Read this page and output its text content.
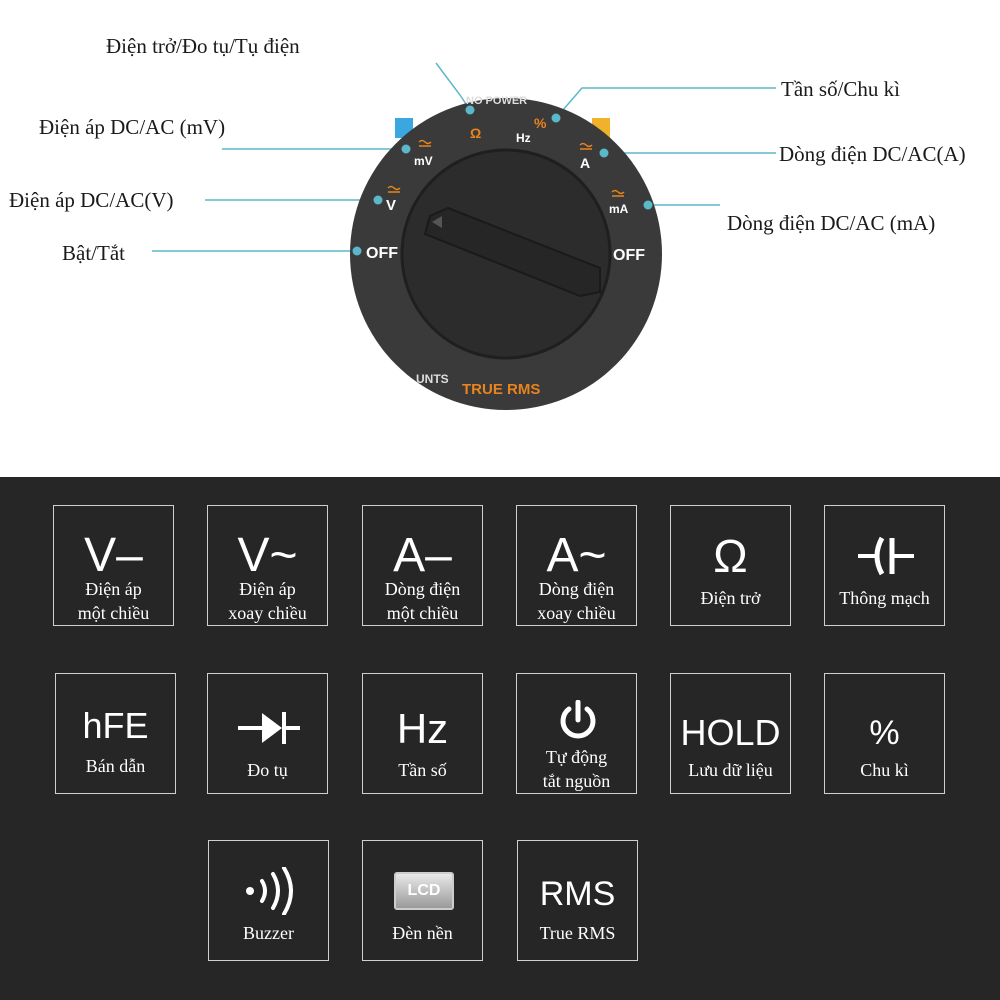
NO POWER
Ω	Hz
%
mV	A
V	mA
OFF	OFF
UNTS
TRUE RMS
Điện trở/Đo tụ/Tụ điện
Tần số/Chu kì
Điện áp DC/AC (mV)
Dòng điện DC/AC(A)
Điện áp DC/AC(V)
Dòng điện DC/AC (mA)
Bật/Tắt
V–
Điện áp
một chiều
V~
Điện áp
xoay chiều
A–
Dòng điện
một chiều
A~
Dòng điện
xoay chiều
Ω
Điện trở	Thông mạch
hFE
Bán dẫn	Đo tụ
Hz
Tần số
Tự động
tắt nguồn
HOLD
Lưu dữ liệu
%
Chu kì
Buzzer
LCD
Đèn nền
RMS
True RMS
